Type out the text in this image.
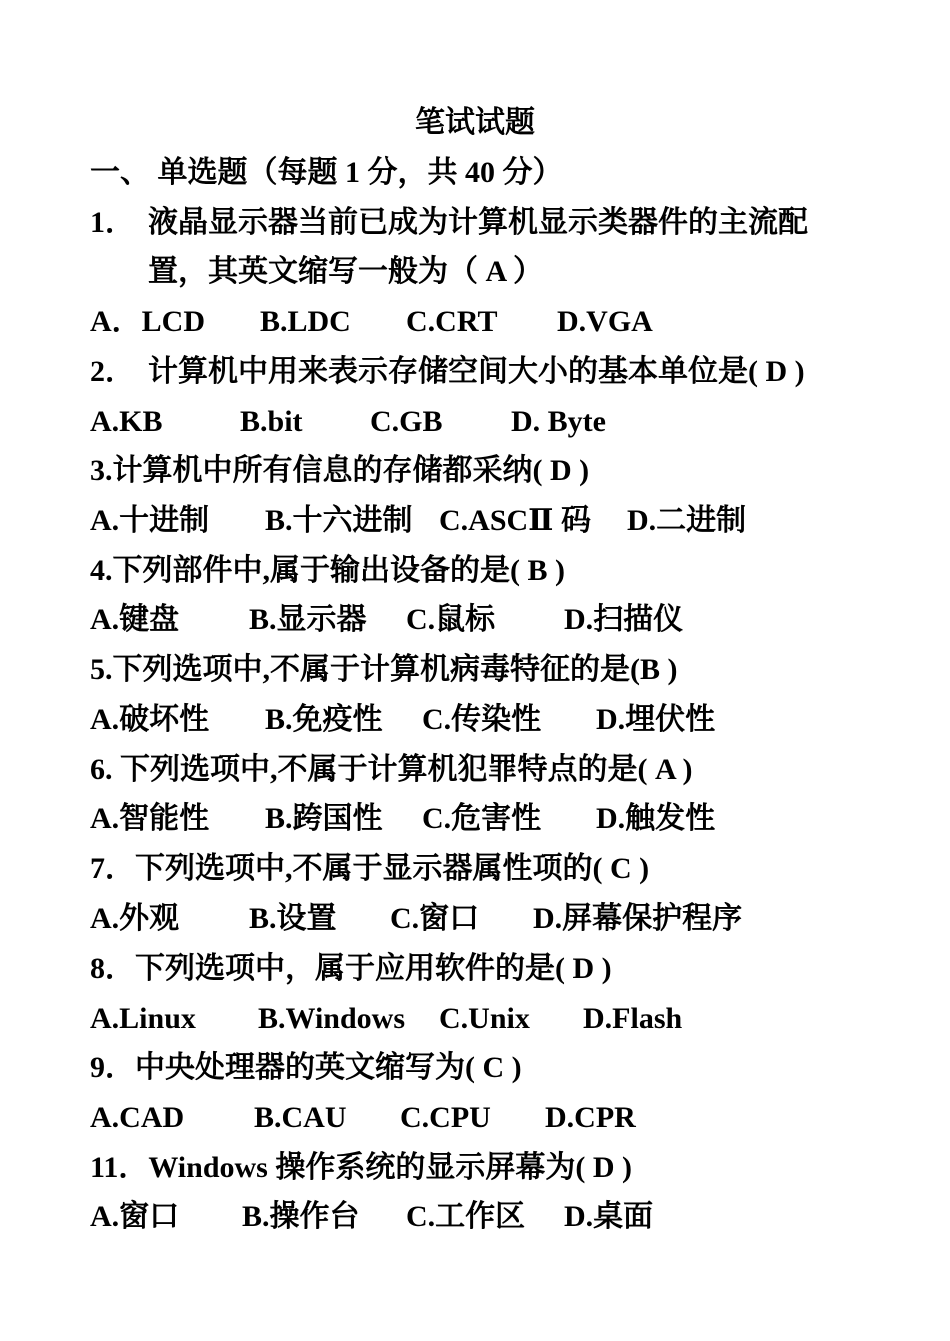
笔试试题
一、 单选题（每题 1 分，共 40 分）
1． 液晶显示器当前已成为计算机显示类器件的主流配
置，其英文缩写一般为（ A ）
A．LCD B.LDC C.CRT D.VGA
2． 计算机中用来表示存储空间大小的基本单位是( D )
A.KB	B.bit C.GB D. Byte
3.计算机中所有信息的存储都采纳( D )
A.十进制 B.十六进制 C.ASCⅡ 码 D.二进制
4.下列部件中,属于输出设备的是( B )
A.键盘 B.显示器 C.鼠标 D.扫描仪
5.下列选项中,不属于计算机病毒特征的是(B )
A.破坏性 B.免疫性 C.传染性 D.埋伏性
6. 下列选项中,不属于计算机犯罪特点的是( A )
A.智能性 B.跨国性 C.危害性 D.触发性
7．下列选项中,不属于显示器属性项的( C )
A.外观 B.设置 C.窗口 D.屏幕保护程序
8．下列选项中，属于应用软件的是( D )
A.Linux B.Windows C.Unix D.Flash
9．中央处理器的英文缩写为( C )
A.CAD B.CAU C.CPU D.CPR
11．Windows 操作系统的显示屏幕为( D )
A.窗口 B.操作台 C.工作区 D.桌面
